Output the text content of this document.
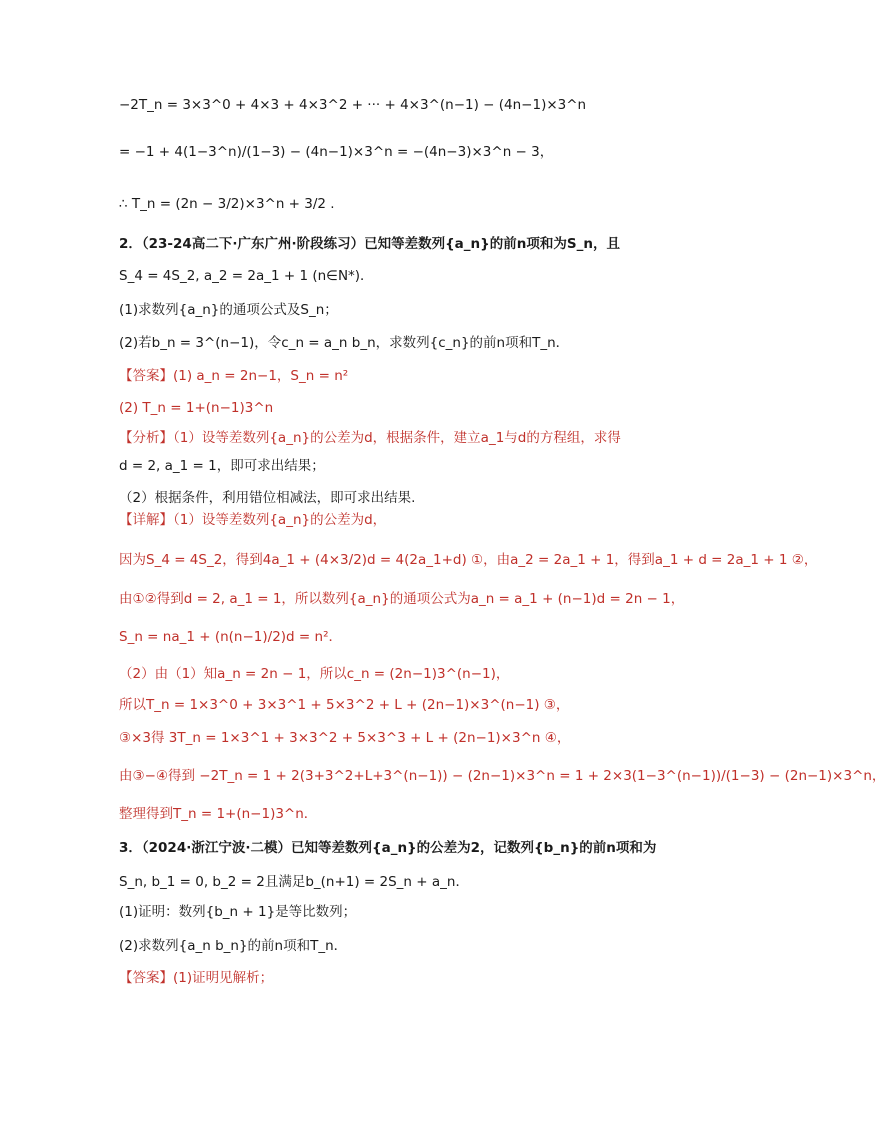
−2T_n = 3×3^0 + 4×3 + 4×3^2 + ··· + 4×3^(n−1) − (4n−1)×3^n
= −1 + 4(1−3^n)/(1−3) − (4n−1)×3^n = −(4n−3)×3^n − 3，
∴ T_n = (2n − 3/2)×3^n + 3/2 .
2．（23-24高二下·广东广州·阶段练习）已知等差数列{a_n}的前n项和为S_n，且
S_4 = 4S_2, a_2 = 2a_1 + 1 (n∈N*)．
(1)求数列{a_n}的通项公式及S_n；
(2)若b_n = 3^(n−1)，令c_n = a_n b_n，求数列{c_n}的前n项和T_n．
【答案】(1) a_n = 2n−1，S_n = n²
(2) T_n = 1+(n−1)3^n
【分析】（1）设等差数列{a_n}的公差为d，根据条件，建立a_1与d的方程组，求得
d = 2, a_1 = 1，即可求出结果；
（2）根据条件，利用错位相减法，即可求出结果.
【详解】（1）设等差数列{a_n}的公差为d，
因为S_4 = 4S_2，得到4a_1 + (4×3/2)d = 4(2a_1+d) ①，由a_2 = 2a_1 + 1，得到a_1 + d = 2a_1 + 1 ②，
由①②得到d = 2, a_1 = 1，所以数列{a_n}的通项公式为a_n = a_1 + (n−1)d = 2n − 1，
S_n = na_1 + (n(n−1)/2)d = n²．
（2）由（1）知a_n = 2n − 1，所以c_n = (2n−1)3^(n−1)，
所以T_n = 1×3^0 + 3×3^1 + 5×3^2 + L + (2n−1)×3^(n−1) ③，
③×3得 3T_n = 1×3^1 + 3×3^2 + 5×3^3 + L + (2n−1)×3^n ④，
由③−④得到 −2T_n = 1 + 2(3+3^2+L+3^(n−1)) − (2n−1)×3^n = 1 + 2×3(1−3^(n−1))/(1−3) − (2n−1)×3^n，
整理得到T_n = 1+(n−1)3^n．
3．（2024·浙江宁波·二模）已知等差数列{a_n}的公差为2，记数列{b_n}的前n项和为
S_n, b_1 = 0, b_2 = 2且满足b_(n+1) = 2S_n + a_n．
(1)证明：数列{b_n + 1}是等比数列；
(2)求数列{a_n b_n}的前n项和T_n．
【答案】(1)证明见解析；
